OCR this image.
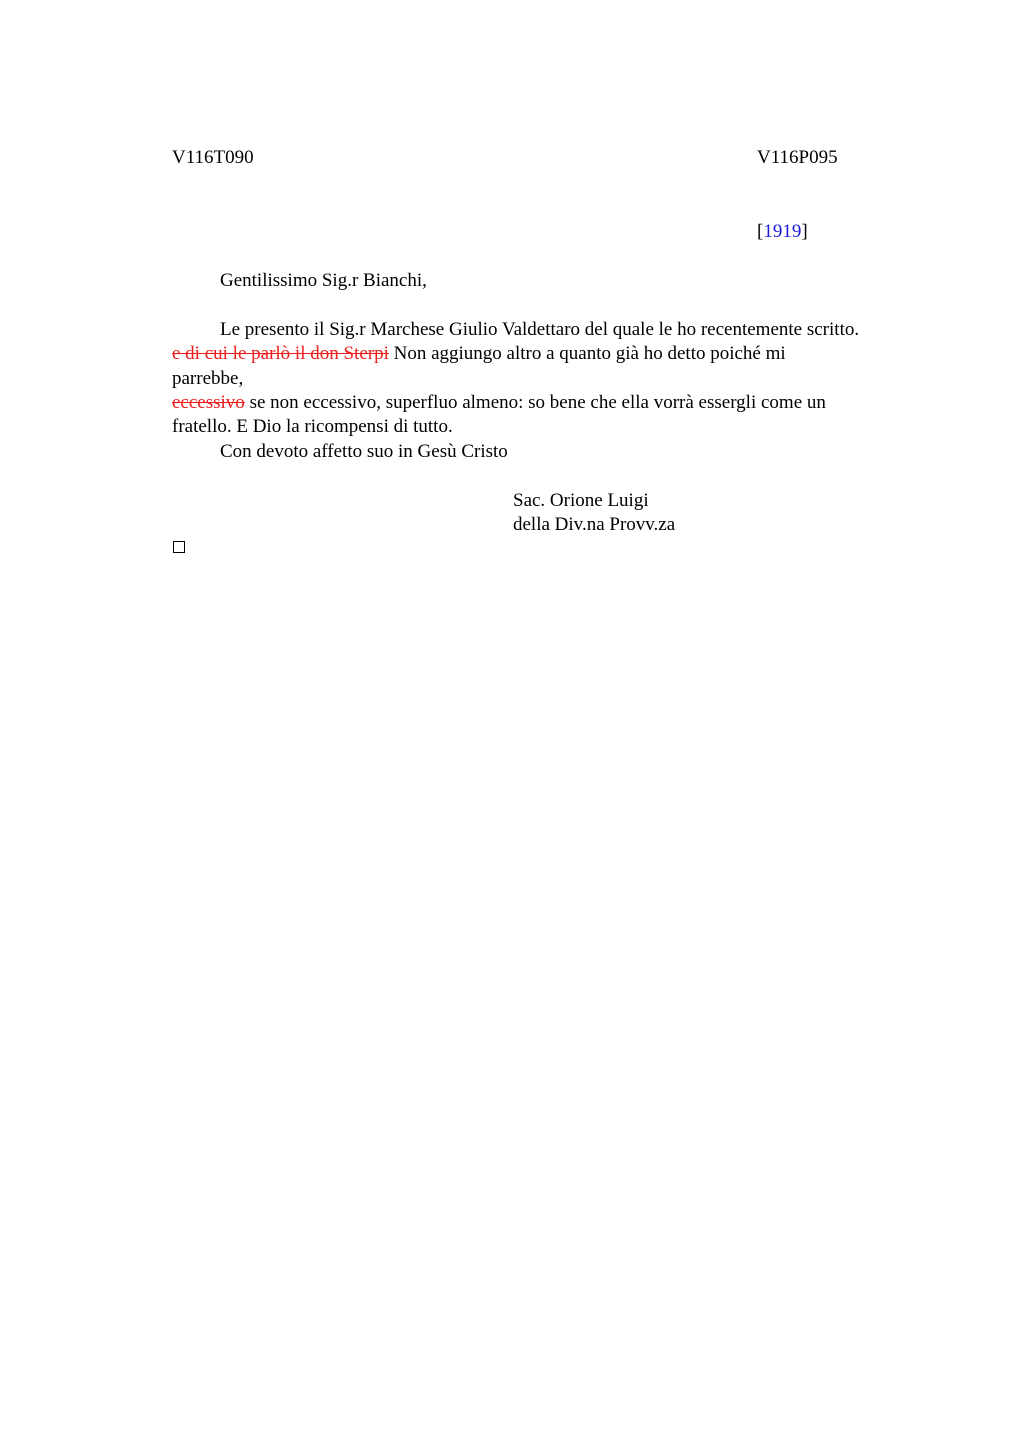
V116T090	V116P095
[1919]
Gentilissimo Sig.r Bianchi,
Le presento il Sig.r Marchese Giulio Valdettaro del quale le ho recentemente scritto.
e di cui le parlò il don Sterpi Non aggiungo altro a quanto già ho detto poiché mi
parrebbe,
eccessivo se non eccessivo, superfluo almeno: so bene che ella vorrà essergli come un
fratello. E Dio la ricompensi di tutto.
Con devoto affetto suo in Gesù Cristo
Sac. Orione Luigi
della Div.na Provv.za
